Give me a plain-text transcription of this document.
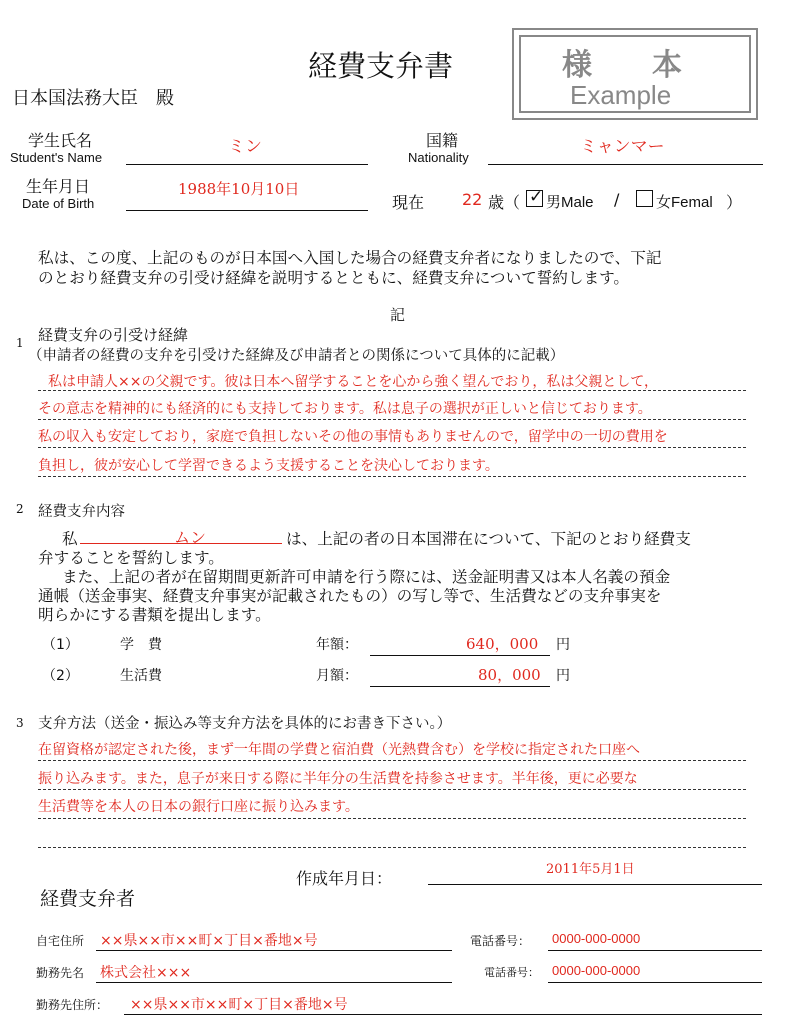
経費支弁書	様　　本
Example
日本国法務大臣　殿
学生氏名
Student's Name
ミン	国籍
Nationality
ミャンマー
生年月日
Date of Birth
1988年10月10日
現在 22 歳（ ✓ 男Male / 女Femal ）
私は、この度、上記のものが日本国へ入国した場合の経費支弁者になりましたので、下記
のとおり経費支弁の引受け経緯を説明するとともに、経費支弁について誓約します。
記
1 経費支弁の引受け経緯
（申請者の経費の支弁を引受けた経緯及び申請者との関係について具体的に記載）
私は申請人××の父親です。彼は日本へ留学することを心から強く望んでおり，私は父親として，
その意志を精神的にも経済的にも支持しております。私は息子の選択が正しいと信じております。
私の収入も安定しており，家庭で負担しないその他の事情もありませんので，留学中の一切の費用を
負担し，彼が安心して学習できるよう支援することを決心しております。
2 経費支弁内容
私	ムン	は、上記の者の日本国滞在について、下記のとおり経費支
弁することを誓約します。
また、上記の者が在留期間更新許可申請を行う際には、送金証明書又は本人名義の預金
通帳（送金事実、経費支弁事実が記載されたもの）の写し等で、生活費などの支弁事実を
明らかにする書類を提出します。
（1）	学　費	年額：	640，000 円
（2）	生活費	月額：	80，000 円
3 支弁方法（送金・振込み等支弁方法を具体的にお書き下さい。）
在留資格が認定された後，まず一年間の学費と宿泊費（光熱費含む）を学校に指定された口座へ
振り込みます。また，息子が来日する際に半年分の生活費を持参させます。半年後，更に必要な
生活費等を本人の日本の銀行口座に振り込みます。
作成年月日：	2011年5月1日
経費支弁者
自宅住所 ××県××市××町×丁目×番地×号	電話番号： 0000-000-0000
勤務先名 株式会社×××	電話番号： 0000-000-0000
勤務先住所： ××県××市××町×丁目×番地×号
